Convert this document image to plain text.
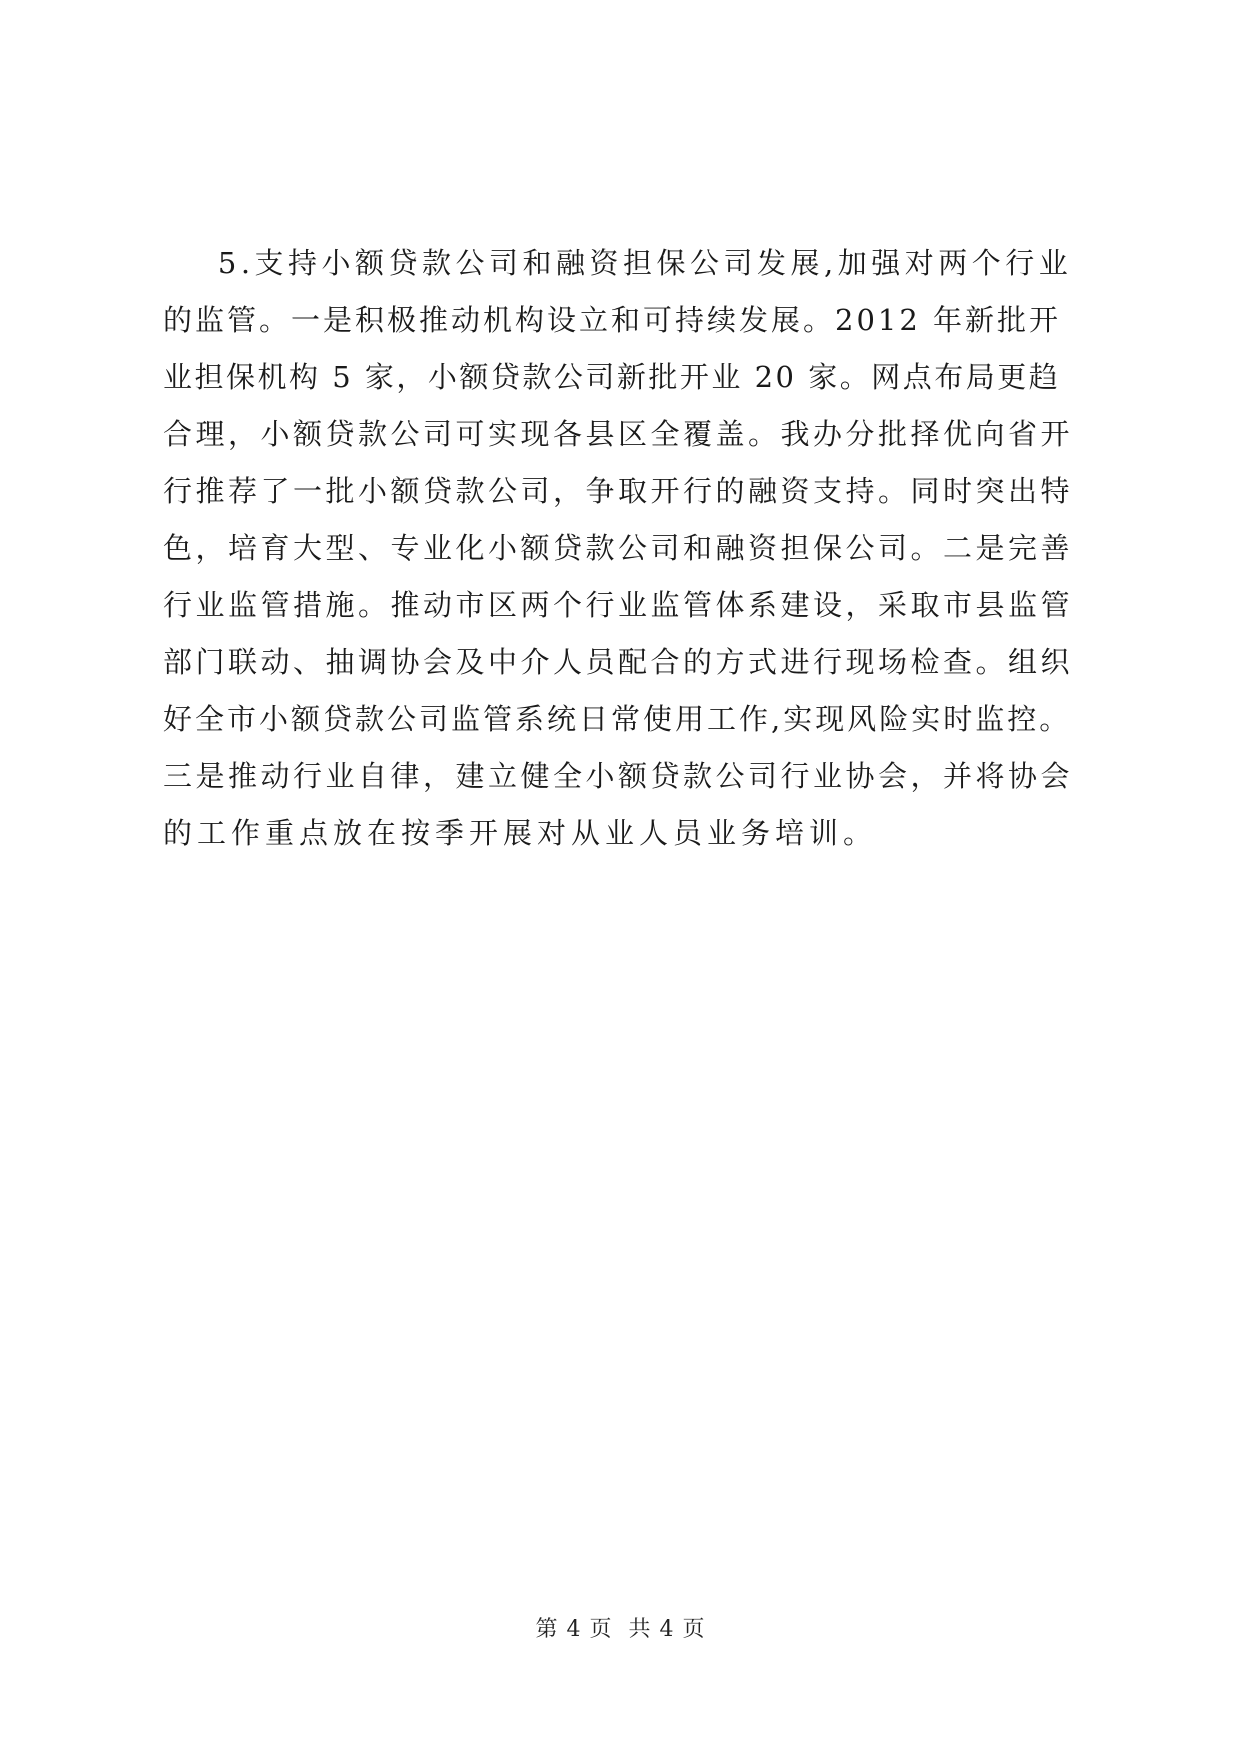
5.支持小额贷款公司和融资担保公司发展,加强对两个行业
的监管。一是积极推动机构设立和可持续发展。2012 年新批开
业担保机构 5 家，小额贷款公司新批开业 20 家。网点布局更趋
合理，小额贷款公司可实现各县区全覆盖。我办分批择优向省开
行推荐了一批小额贷款公司，争取开行的融资支持。同时突出特
色，培育大型、专业化小额贷款公司和融资担保公司。二是完善
行业监管措施。推动市区两个行业监管体系建设，采取市县监管
部门联动、抽调协会及中介人员配合的方式进行现场检查。组织
好全市小额贷款公司监管系统日常使用工作,实现风险实时监控。
三是推动行业自律，建立健全小额贷款公司行业协会，并将协会
的工作重点放在按季开展对从业人员业务培训。
第 4 页  共 4 页
